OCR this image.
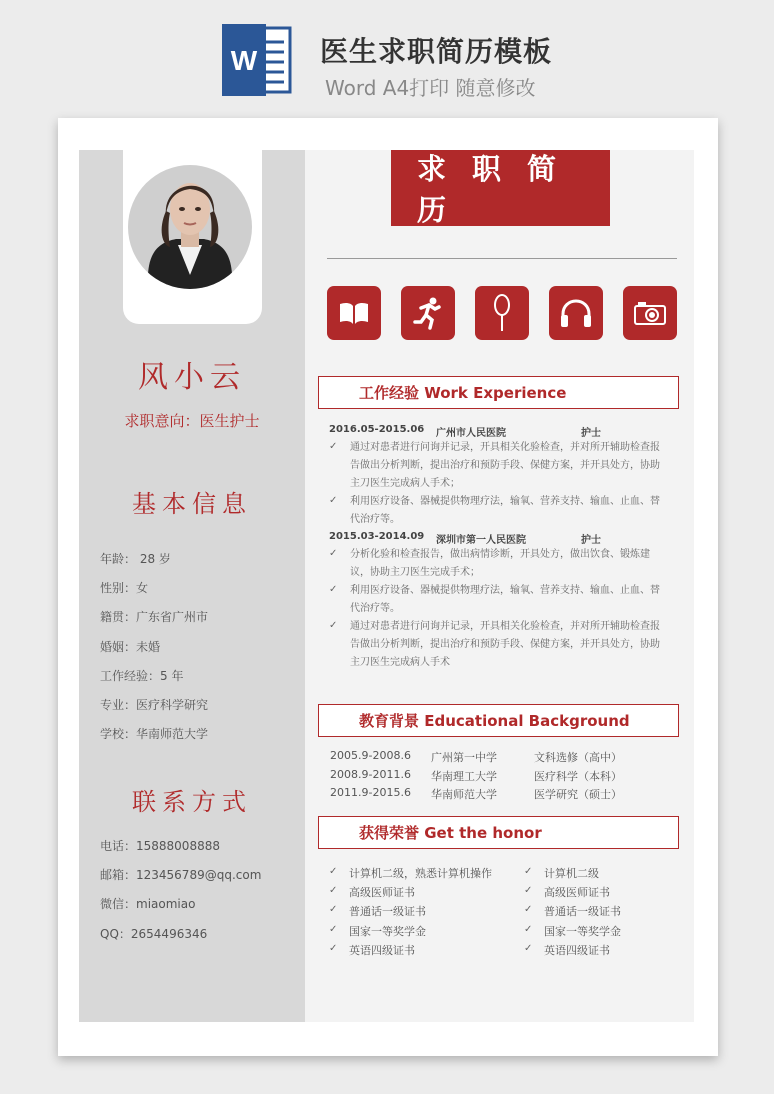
W 医生求职简历模板
Word A4打印 随意修改
风小云
求职意向：医生护士
基本信息
年龄： 28 岁
性别：女
籍贯：广东省广州市
婚姻：未婚
工作经验：5 年
专业：医疗科学研究
学校：华南师范大学
联系方式
电话：15888008888
邮箱：123456789@qq.com
微信：miaomiao
QQ：2654496346
求职简历
工作经验 Work Experience
2016.05-2015.06 广州市人民医院	护士
✓ 通过对患者进行问询并记录，开具相关化验检查，并对所开辅助检查报告做出分析判断，提出治疗和预防手段、保健方案，并开具处方，协助主刀医生完成病人手术；
✓ 利用医疗设备、器械提供物理疗法，输氧、营养支持、输血、止血、替代治疗等。
2015.03-2014.09 深圳市第一人民医院	护士
✓ 分析化验和检查报告，做出病情诊断，开具处方，做出饮食、锻炼建议，协助主刀医生完成手术；
✓ 利用医疗设备、器械提供物理疗法，输氧、营养支持、输血、止血、替代治疗等。
✓ 通过对患者进行问询并记录，开具相关化验检查，并对所开辅助检查报告做出分析判断，提出治疗和预防手段、保健方案，并开具处方，协助主刀医生完成病人手术
教育背景 Educational Background
2005.9-2008.6 广州第一中学	文科选修（高中）
2008.9-2011.6 华南理工大学	医疗科学（本科）
2011.9-2015.6 华南师范大学	医学研究（硕士）
获得荣誉 Get the honor
✓ 计算机二级，熟悉计算机操作
✓ 高级医师证书
✓ 普通话一级证书
✓ 国家一等奖学金
✓ 英语四级证书
✓ 计算机二级
✓ 高级医师证书
✓ 普通话一级证书
✓ 国家一等奖学金
✓ 英语四级证书
